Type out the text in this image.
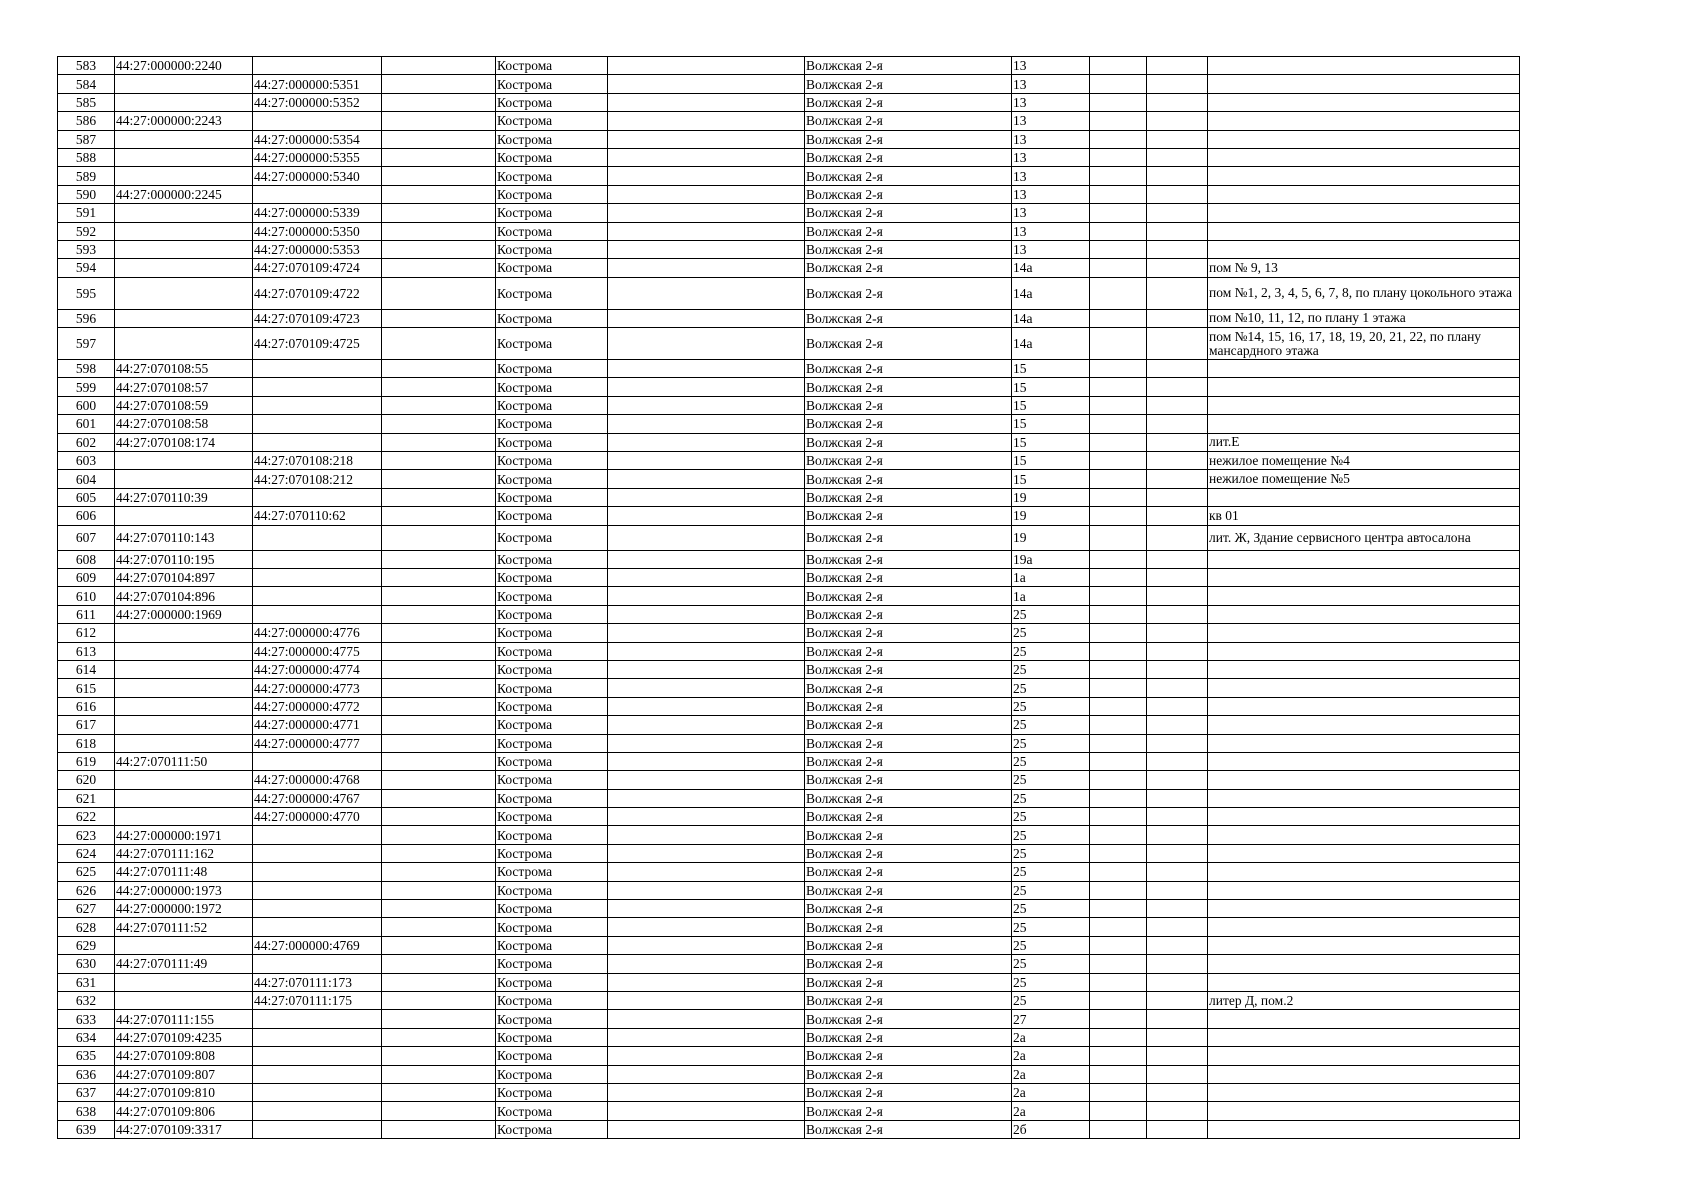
583	44:27:000000:2240			Кострома		Волжская 2-я	13			
584		44:27:000000:5351		Кострома		Волжская 2-я	13			
585		44:27:000000:5352		Кострома		Волжская 2-я	13			
586	44:27:000000:2243			Кострома		Волжская 2-я	13			
587		44:27:000000:5354		Кострома		Волжская 2-я	13			
588		44:27:000000:5355		Кострома		Волжская 2-я	13			
589		44:27:000000:5340		Кострома		Волжская 2-я	13			
590	44:27:000000:2245			Кострома		Волжская 2-я	13			
591		44:27:000000:5339		Кострома		Волжская 2-я	13			
592		44:27:000000:5350		Кострома		Волжская 2-я	13			
593		44:27:000000:5353		Кострома		Волжская 2-я	13			
594		44:27:070109:4724		Кострома		Волжская 2-я	14а			пом № 9, 13
595		44:27:070109:4722		Кострома		Волжская 2-я	14а			пом №1, 2, 3, 4, 5, 6, 7, 8, по плану цокольного этажа
596		44:27:070109:4723		Кострома		Волжская 2-я	14а			пом №10, 11, 12, по плану 1 этажа
597		44:27:070109:4725		Кострома		Волжская 2-я	14а			пом №14, 15, 16, 17, 18, 19, 20, 21, 22, по плану мансардного этажа
598	44:27:070108:55			Кострома		Волжская 2-я	15			
599	44:27:070108:57			Кострома		Волжская 2-я	15			
600	44:27:070108:59			Кострома		Волжская 2-я	15			
601	44:27:070108:58			Кострома		Волжская 2-я	15			
602	44:27:070108:174			Кострома		Волжская 2-я	15			лит.Е
603		44:27:070108:218		Кострома		Волжская 2-я	15			нежилое помещение №4
604		44:27:070108:212		Кострома		Волжская 2-я	15			нежилое помещение №5
605	44:27:070110:39			Кострома		Волжская 2-я	19			
606		44:27:070110:62		Кострома		Волжская 2-я	19			кв 01
607	44:27:070110:143			Кострома		Волжская 2-я	19			лит. Ж, Здание сервисного центра автосалона
608	44:27:070110:195			Кострома		Волжская 2-я	19а			
609	44:27:070104:897			Кострома		Волжская 2-я	1а			
610	44:27:070104:896			Кострома		Волжская 2-я	1а			
611	44:27:000000:1969			Кострома		Волжская 2-я	25			
612		44:27:000000:4776		Кострома		Волжская 2-я	25			
613		44:27:000000:4775		Кострома		Волжская 2-я	25			
614		44:27:000000:4774		Кострома		Волжская 2-я	25			
615		44:27:000000:4773		Кострома		Волжская 2-я	25			
616		44:27:000000:4772		Кострома		Волжская 2-я	25			
617		44:27:000000:4771		Кострома		Волжская 2-я	25			
618		44:27:000000:4777		Кострома		Волжская 2-я	25			
619	44:27:070111:50			Кострома		Волжская 2-я	25			
620		44:27:000000:4768		Кострома		Волжская 2-я	25			
621		44:27:000000:4767		Кострома		Волжская 2-я	25			
622		44:27:000000:4770		Кострома		Волжская 2-я	25			
623	44:27:000000:1971			Кострома		Волжская 2-я	25			
624	44:27:070111:162			Кострома		Волжская 2-я	25			
625	44:27:070111:48			Кострома		Волжская 2-я	25			
626	44:27:000000:1973			Кострома		Волжская 2-я	25			
627	44:27:000000:1972			Кострома		Волжская 2-я	25			
628	44:27:070111:52			Кострома		Волжская 2-я	25			
629		44:27:000000:4769		Кострома		Волжская 2-я	25			
630	44:27:070111:49			Кострома		Волжская 2-я	25			
631		44:27:070111:173		Кострома		Волжская 2-я	25			
632		44:27:070111:175		Кострома		Волжская 2-я	25			литер Д, пом.2
633	44:27:070111:155			Кострома		Волжская 2-я	27			
634	44:27:070109:4235			Кострома		Волжская 2-я	2а			
635	44:27:070109:808			Кострома		Волжская 2-я	2а			
636	44:27:070109:807			Кострома		Волжская 2-я	2а			
637	44:27:070109:810			Кострома		Волжская 2-я	2а			
638	44:27:070109:806			Кострома		Волжская 2-я	2а			
639	44:27:070109:3317			Кострома		Волжская 2-я	2б			
